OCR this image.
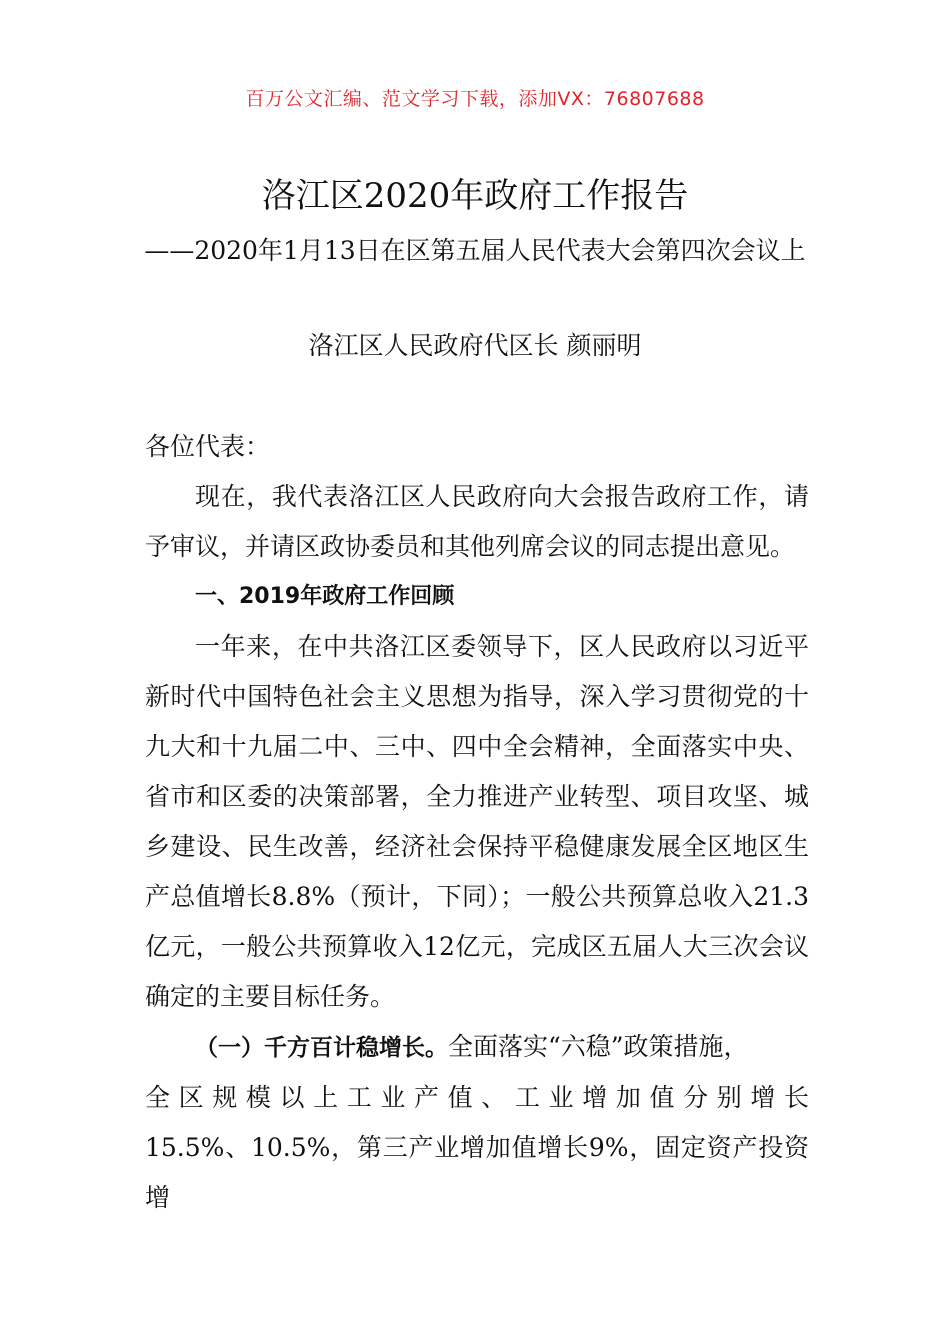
百万公文汇编、范文学习下载，添加VX：76807688
洛江区2020年政府工作报告
——2020年1月13日在区第五届人民代表大会第四次会议上
洛江区人民政府代区长 颜丽明

各位代表：

现在，我代表洛江区人民政府向大会报告政府工作，请予审议，并请区政协委员和其他列席会议的同志提出意见。

一、2019年政府工作回顾

一年来，在中共洛江区委领导下，区人民政府以习近平新时代中国特色社会主义思想为指导，深入学习贯彻党的十九大和十九届二中、三中、四中全会精神，全面落实中央、省市和区委的决策部署，全力推进产业转型、项目攻坚、城乡建设、民生改善，经济社会保持平稳健康发展全区地区生产总值增长8.8%（预计，下同）；一般公共预算总收入21.3亿元，一般公共预算收入12亿元，完成区五届人大三次会议确定的主要目标任务。

（一）千方百计稳增长。全面落实“六稳”政策措施，

全区规模以上工业产值、工业增加值分别增长

15.5%、10.5%，第三产业增加值增长9%，固定资产投资增
